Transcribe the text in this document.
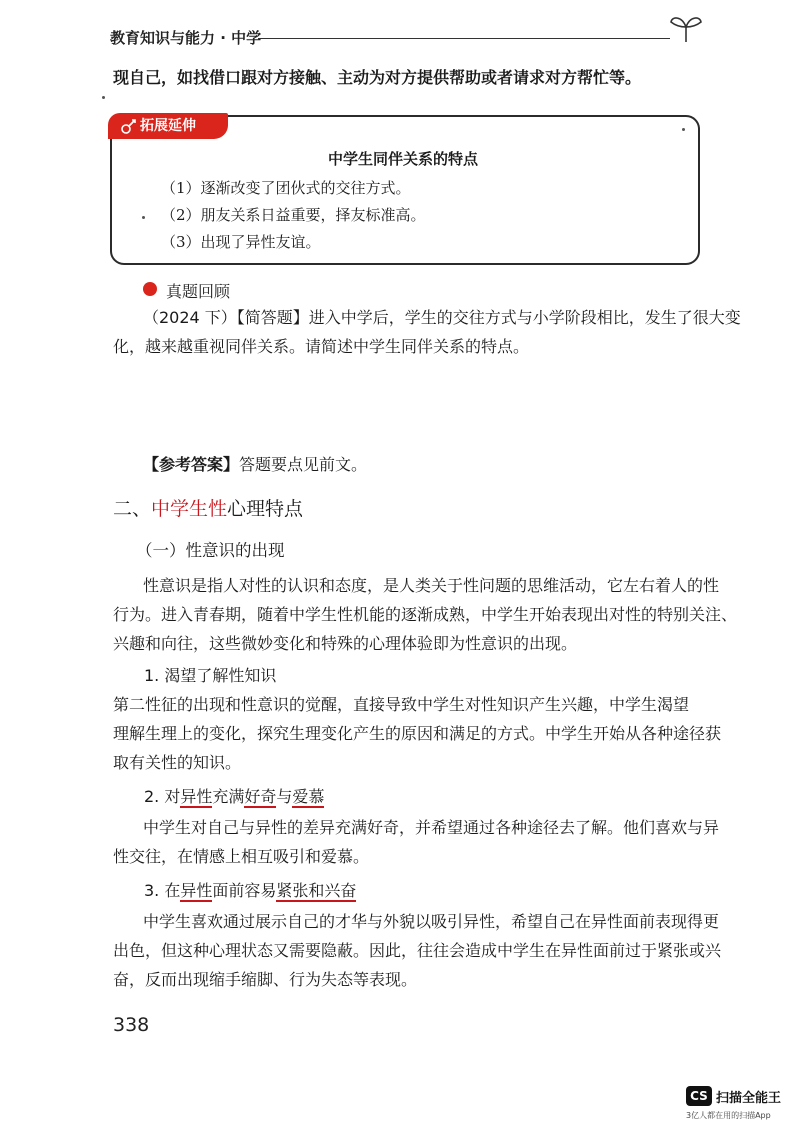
教育知识与能力 · 中学
现自己，如找借口跟对方接触、主动为对方提供帮助或者请求对方帮忙等。
拓展延伸
中学生同伴关系的特点
（1）逐渐改变了团伙式的交往方式。
（2）朋友关系日益重要，择友标准高。
（3）出现了异性友谊。
真题回顾
（2024 下）【简答题】进入中学后，学生的交往方式与小学阶段相比，发生了很大变
化，越来越重视同伴关系。请简述中学生同伴关系的特点。
【参考答案】答题要点见前文。
二、中学生性心理特点
（一）性意识的出现
性意识是指人对性的认识和态度，是人类关于性问题的思维活动，它左右着人的性
行为。进入青春期，随着中学生性机能的逐渐成熟，中学生开始表现出对性的特别关注、
兴趣和向往，这些微妙变化和特殊的心理体验即为性意识的出现。
1. 渴望了解性知识
第二性征的出现和性意识的觉醒，直接导致中学生对性知识产生兴趣，中学生渴望
理解生理上的变化，探究生理变化产生的原因和满足的方式。中学生开始从各种途径获
取有关性的知识。
2. 对异性充满好奇与爱慕
中学生对自己与异性的差异充满好奇，并希望通过各种途径去了解。他们喜欢与异
性交往，在情感上相互吸引和爱慕。
3. 在异性面前容易紧张和兴奋
中学生喜欢通过展示自己的才华与外貌以吸引异性，希望自己在异性面前表现得更
出色，但这种心理状态又需要隐蔽。因此，往往会造成中学生在异性面前过于紧张或兴
奋，反而出现缩手缩脚、行为失态等表现。
338
CS 扫描全能王
3亿人都在用的扫描App
